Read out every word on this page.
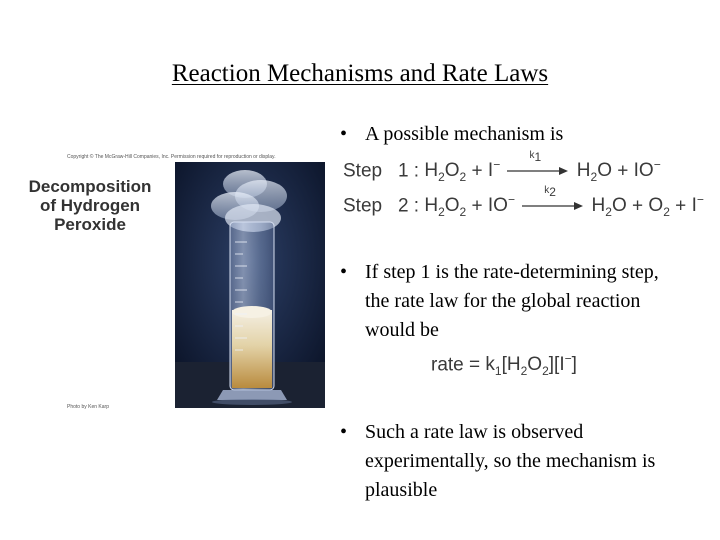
Reaction Mechanisms and Rate Laws
Copyright © The McGraw-Hill Companies, Inc. Permission required for reproduction or display.
Decomposition
of Hydrogen
Peroxide
Photo by Ken Karp
• A possible mechanism is
Step 1 : $H_2O_2 + I^-$
$k_1$
$H_2O + IO^-$
Step 2 : $H_2O_2 + IO^-$
$k_2$
$H_2O + O_2 + I^-$
• If step 1 is the rate-determining step, the rate law for the global reaction would be
rate = $k_1[H_2O_2][I^-]$
• Such a rate law is observed experimentally, so the mechanism is plausible
